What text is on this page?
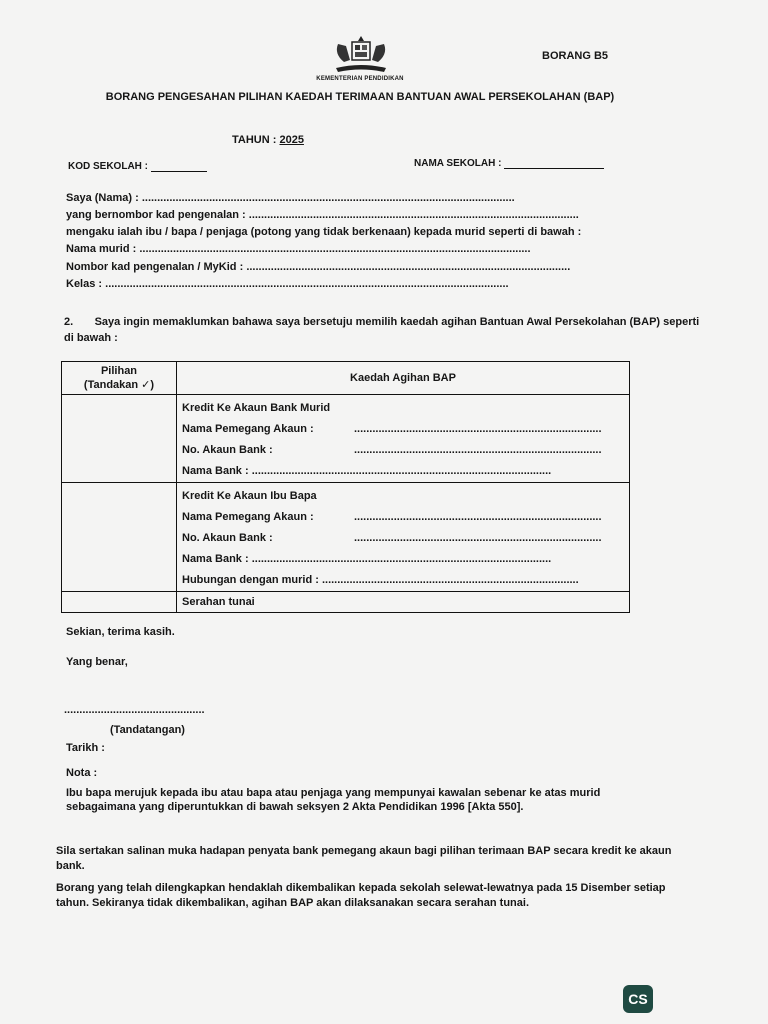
KEMENTERIAN PENDIDIKAN
BORANG B5
BORANG PENGESAHAN PILIHAN KAEDAH TERIMAAN BANTUAN AWAL PERSEKOLAHAN (BAP)
TAHUN : 2025
KOD SEKOLAH :	NAMA SEKOLAH :
Saya (Nama) : ..........................................................................................................................
yang bernombor kad pengenalan : ............................................................................................................
mengaku ialah ibu / bapa / penjaga (potong yang tidak berkenaan) kepada murid seperti di bawah :
Nama murid : ................................................................................................................................
Nombor kad pengenalan / MyKid : ..........................................................................................................
Kelas : ....................................................................................................................................
2. Saya ingin memaklumkan bahawa saya bersetuju memilih kaedah agihan Bantuan Awal Persekolahan (BAP) seperti di bawah :
Pilihan
(Tandakan ✓)	Kaedah Agihan BAP

	Kredit Ke Akaun Bank Murid
Nama Pemegang Akaun : .................................................................................
No. Akaun Bank : .................................................................................
Nama Bank : ..................................................................................................

	Kredit Ke Akaun Ibu Bapa
Nama Pemegang Akaun : .................................................................................
No. Akaun Bank : .................................................................................
Nama Bank : ..................................................................................................
Hubungan dengan murid : ....................................................................................

	Serahan tunai
Sekian, terima kasih.
Yang benar,
..............................................
(Tandatangan)
Tarikh :
Nota :
Ibu bapa merujuk kepada ibu atau bapa atau penjaga yang mempunyai kawalan sebenar ke atas murid sebagaimana yang diperuntukkan di bawah seksyen 2 Akta Pendidikan 1996 [Akta 550].
Sila sertakan salinan muka hadapan penyata bank pemegang akaun bagi pilihan terimaan BAP secara kredit ke akaun bank.
Borang yang telah dilengkapkan hendaklah dikembalikan kepada sekolah selewat-lewatnya pada 15 Disember setiap tahun. Sekiranya tidak dikembalikan, agihan BAP akan dilaksanakan secara serahan tunai.
CS
